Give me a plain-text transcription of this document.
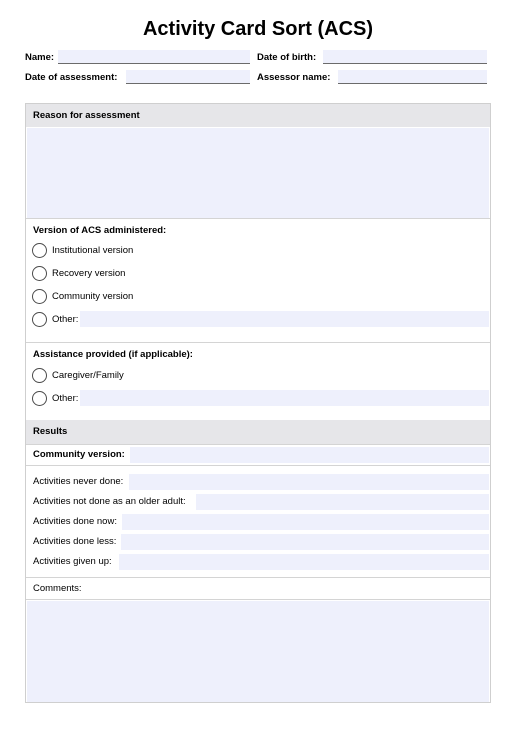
Activity Card Sort (ACS)
Name:	Date of birth:
Date of assessment:	Assessor name:
Reason for assessment
Version of ACS administered:
Institutional version
Recovery version
Community version
Other:
Assistance provided (if applicable):
Caregiver/Family
Other:
Results
Community version:
Activities never done:
Activities not done as an older adult:
Activities done now:
Activities done less:
Activities given up:
Comments:
